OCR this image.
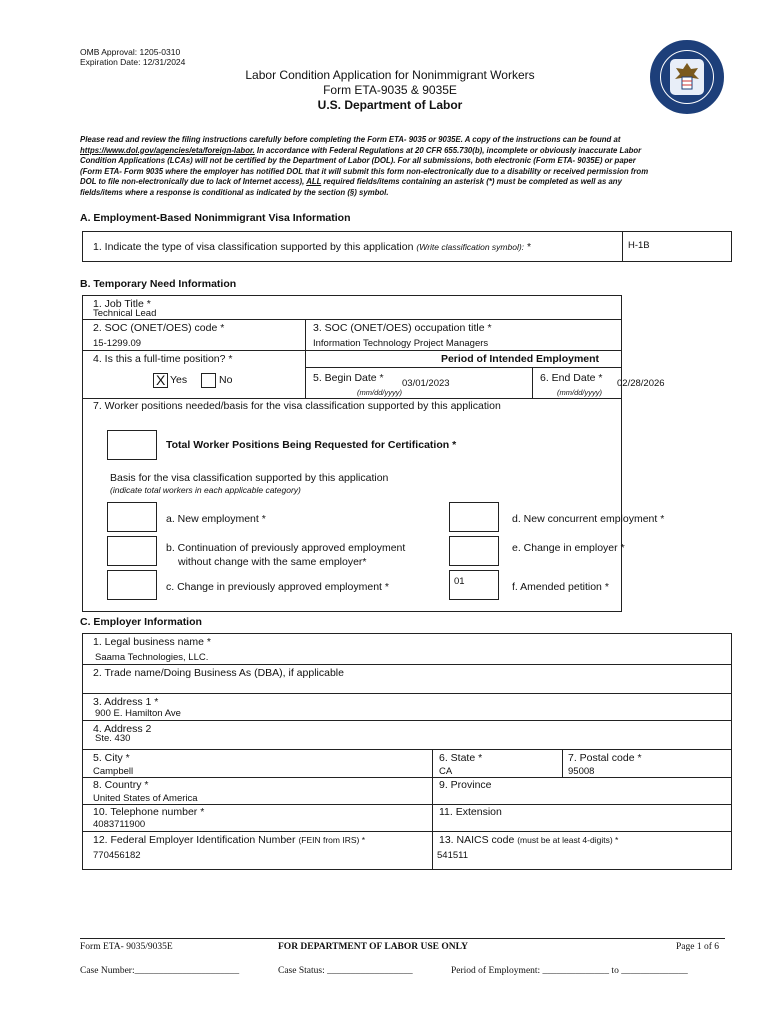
OMB Approval: 1205-0310
Expiration Date: 12/31/2024
Labor Condition Application for Nonimmigrant Workers
Form ETA-9035 & 9035E
U.S. Department of Labor
Please read and review the filing instructions carefully before completing the Form ETA- 9035 or 9035E. A copy of the instructions can be found at
https://www.dol.gov/agencies/eta/foreign-labor. In accordance with Federal Regulations at 20 CFR 655.730(b), incomplete or obviously inaccurate Labor
Condition Applications (LCAs) will not be certified by the Department of Labor (DOL). For all submissions, both electronic (Form ETA- 9035E) or paper
(Form ETA- Form 9035 where the employer has notified DOL that it will submit this form non-electronically due to a disability or received permission from
DOL to file non-electronically due to lack of Internet access), ALL required fields/items containing an asterisk (*) must be completed as well as any
fields/items where a response is conditional as indicated by the section (§) symbol.
A. Employment-Based Nonimmigrant Visa Information
1. Indicate the type of visa classification supported by this application (Write classification symbol): *	H-1B
B. Temporary Need Information
1. Job Title *
Technical Lead
2. SOC (ONET/OES) code *
15-1299.09
3. SOC (ONET/OES) occupation title *
Information Technology Project Managers
4. Is this a full-time position? *	Period of Intended Employment
X Yes	No	5. Begin Date * 03/01/2023
(mm/dd/yyyy)
6. End Date * 02/28/2026
(mm/dd/yyyy)
7. Worker positions needed/basis for the visa classification supported by this application
Total Worker Positions Being Requested for Certification *
Basis for the visa classification supported by this application
(indicate total workers in each applicable category)
a. New employment *
b. Continuation of previously approved employment
without change with the same employer*
c. Change in previously approved employment *
d. New concurrent employment *
e. Change in employer *
01	f. Amended petition *
C. Employer Information
1. Legal business name *
Saama Technologies, LLC.
2. Trade name/Doing Business As (DBA), if applicable
3. Address 1 *
900 E. Hamilton Ave
4. Address 2
Ste. 430
5. City *
Campbell
6. State *
CA
7. Postal code *
95008
8. Country *
United States of America
9. Province
10. Telephone number *
4083711900
11. Extension
12. Federal Employer Identification Number (FEIN from IRS) *
770456182
13. NAICS code (must be at least 4-digits) *
541511
Form ETA- 9035/9035E	FOR DEPARTMENT OF LABOR USE ONLY	Page 1 of 6
Case Number:______________________	Case Status: __________________	Period of Employment: ______________ to ______________
